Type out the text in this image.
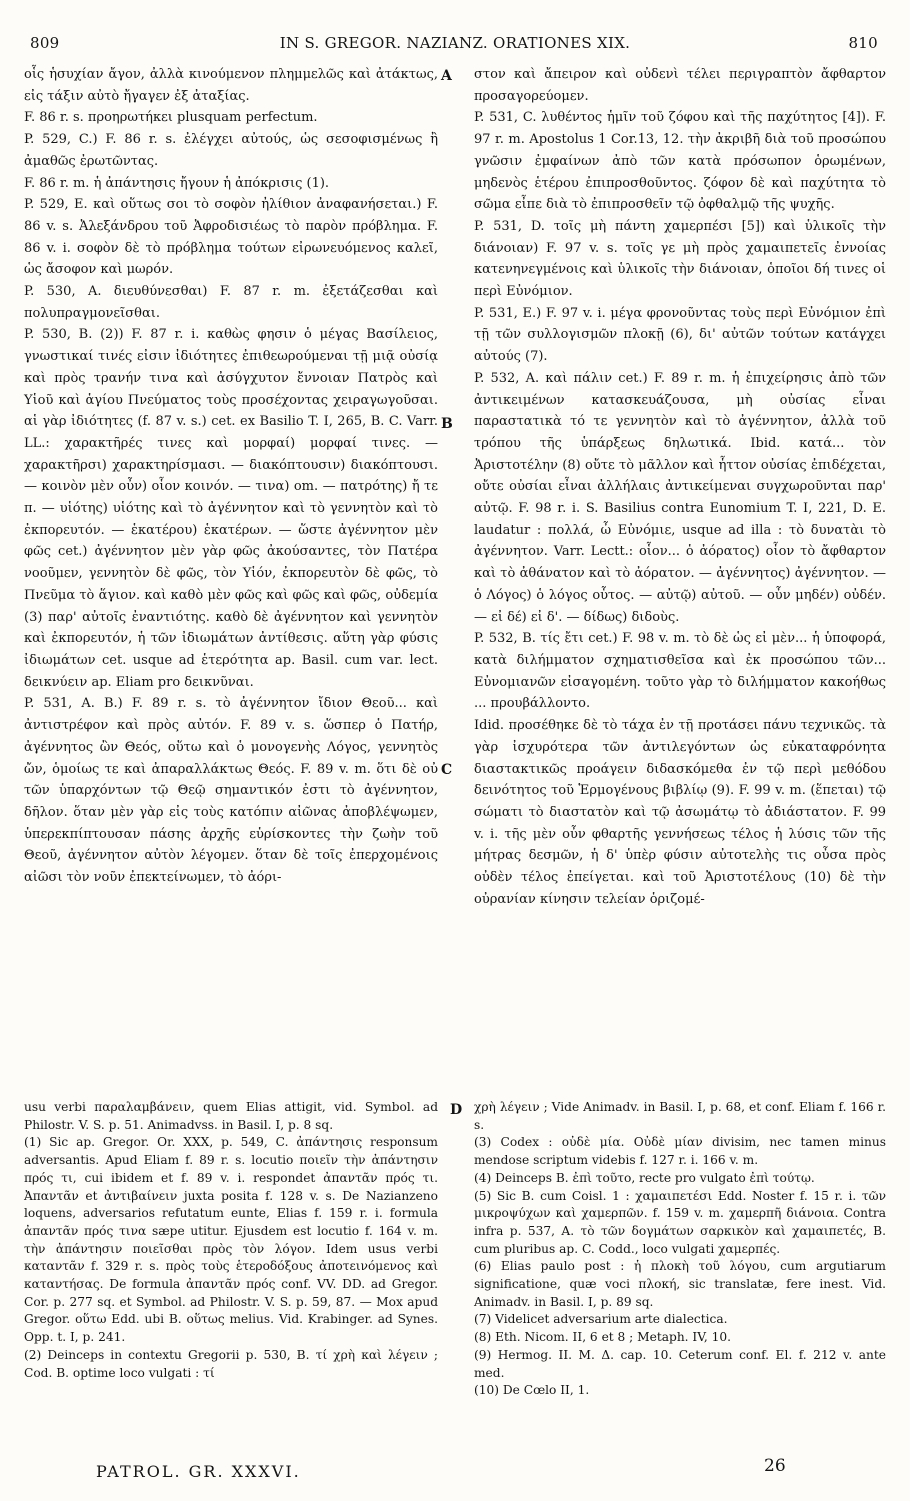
809	IN S. GREGOR. NAZIANZ. ORATIONES XIX.	810

οἷς ἡσυχίαν ἄγον, ἀλλὰ κινούμενον πλημμελῶς καὶ ἀτάκτως, εἰς τάξιν αὐτὸ ἤγαγεν ἐξ ἀταξίας.

F. 86 r. s. προηρωτήκει plusquam perfectum.

P. 529, C.) F. 86 r. s. ἐλέγχει αὐτούς, ὡς σεσοφισμένως ἢ ἀμαθῶς ἐρωτῶντας.

F. 86 r. m. ἡ ἀπάντησις ἤγουν ἡ ἀπόκρισις (1).

P. 529, E. καὶ οὕτως σοι τὸ σοφὸν ἠλίθιον ἀναφανήσεται.) F. 86 v. s. Ἀλεξάνδρου τοῦ Ἀφροδισιέως τὸ παρὸν πρόβλημα. F. 86 v. i. σοφὸν δὲ τὸ πρόβλημα τούτων εἰρωνευόμενος καλεῖ, ὡς ἄσοφον καὶ μωρόν.

P. 530, A. διευθύνεσθαι) F. 87 r. m. ἐξετάζεσθαι καὶ πολυπραγμονεῖσθαι.

P. 530, B. (2)) F. 87 r. i. καθὼς φησιν ὁ μέγας Βασίλειος, γνωστικαί τινές εἰσιν ἰδιότητες ἐπιθεωρούμεναι τῇ μιᾷ οὐσίᾳ καὶ πρὸς τρανήν τινα καὶ ἀσύγχυτον ἔννοιαν Πατρὸς καὶ Υἱοῦ καὶ ἁγίου Πνεύματος τοὺς προσέχοντας χειραγωγοῦσαι. αἱ γὰρ ἰδιότητες (f. 87 v. s.) cet. ex Basilio T. I, 265, B. C. Varr. LL.: χαρακτῆρές τινες καὶ μορφαί) μορφαί τινες. — χαρακτῆρσι) χαρακτηρίσμασι. — διακόπτουσιν) διακόπτουσι. — κοινὸν μὲν οὖν) οἷον κοινόν. — τινα) om. — πατρότης) ἤ τε π. — υἱότης) υἱότης καὶ τὸ ἀγέννητον καὶ τὸ γεννητὸν καὶ τὸ ἐκπορευτόν. — ἑκατέρου) ἑκατέρων. — ὥστε ἀγέννητον μὲν φῶς cet.) ἀγέννητον μὲν γὰρ φῶς ἀκούσαντες, τὸν Πατέρα νοοῦμεν, γεννητὸν δὲ φῶς, τὸν Υἱόν, ἐκπορευτὸν δὲ φῶς, τὸ Πνεῦμα τὸ ἅγιον. καὶ καθὸ μὲν φῶς καὶ φῶς καὶ φῶς, οὐδεμία (3) παρ' αὐτοῖς ἐναντιότης. καθὸ δὲ ἀγέννητον καὶ γεννητὸν καὶ ἐκπορευτόν, ἡ τῶν ἰδιωμάτων ἀντίθεσις. αὕτη γὰρ φύσις ἰδιωμάτων cet. usque ad ἑτερότητα ap. Basil. cum var. lect. δεικνύειν ap. Eliam pro δεικνῦναι.

P. 531, A. B.) F. 89 r. s. τὸ ἀγέννητον ἴδιον Θεοῦ... καὶ ἀντιστρέφον καὶ πρὸς αὐτόν. F. 89 v. s. ὥσπερ ὁ Πατήρ, ἀγέννητος ὢν Θεός, οὕτω καὶ ὁ μονογενὴς Λόγος, γεννητὸς ὤν, ὁμοίως τε καὶ ἀπαραλλάκτως Θεός. F. 89 v. m. ὅτι δὲ οὐ τῶν ὑπαρχόντων τῷ Θεῷ σημαντικόν ἐστι τὸ ἀγέννητον, δῆλον. ὅταν μὲν γὰρ εἰς τοὺς κατόπιν αἰῶνας ἀποβλέψωμεν, ὑπερεκπίπτουσαν πάσης ἀρχῆς εὑρίσκοντες τὴν ζωὴν τοῦ Θεοῦ, ἀγέννητον αὐτὸν λέγομεν. ὅταν δὲ τοῖς ἐπερχομένοις αἰῶσι τὸν νοῦν ἐπεκτείνωμεν, τὸ ἀόρι-

στον καὶ ἄπειρον καὶ οὐδενὶ τέλει περιγραπτὸν ἄφθαρτον προσαγορεύομεν.

P. 531, C. λυθέντος ἡμῖν τοῦ ζόφου καὶ τῆς παχύτητος [4]). F. 97 r. m. Apostolus 1 Cor.13, 12. τὴν ἀκριβῆ διὰ τοῦ προσώπου γνῶσιν ἐμφαίνων ἀπὸ τῶν κατὰ πρόσωπον ὁρωμένων, μηδενὸς ἑτέρου ἐπιπροσθοῦντος. ζόφον δὲ καὶ παχύτητα τὸ σῶμα εἶπε διὰ τὸ ἐπιπροσθεῖν τῷ ὀφθαλμῷ τῆς ψυχῆς.

P. 531, D. τοῖς μὴ πάντη χαμερπέσι [5]) καὶ ὑλικοῖς τὴν διάνοιαν) F. 97 v. s. τοῖς γε μὴ πρὸς χαμαιπετεῖς ἐννοίας κατενηνεγμένοις καὶ ὑλικοῖς τὴν διάνοιαν, ὁποῖοι δή τινες οἱ περὶ Εὐνόμιον.

P. 531, E.) F. 97 v. i. μέγα φρονοῦντας τοὺς περὶ Εὐνόμιον ἐπὶ τῇ τῶν συλλογισμῶν πλοκῇ (6), δι' αὐτῶν τούτων κατάγχει αὐτούς (7).

P. 532, A. καὶ πάλιν cet.) F. 89 r. m. ἡ ἐπιχείρησις ἀπὸ τῶν ἀντικειμένων κατασκευάζουσα, μὴ οὐσίας εἶναι παραστατικὰ τό τε γεννητὸν καὶ τὸ ἀγέννητον, ἀλλὰ τοῦ τρόπου τῆς ὑπάρξεως δηλωτικά. Ibid. κατά... τὸν Ἀριστοτέλην (8) οὔτε τὸ μᾶλλον καὶ ἧττον οὐσίας ἐπιδέχεται, οὔτε οὐσίαι εἶναι ἀλλήλαις ἀντικείμεναι συγχωροῦνται παρ' αὐτῷ. F. 98 r. i. S. Basilius contra Eunomium T. I, 221, D. E. laudatur : πολλά, ὦ Εὐνόμιε, usque ad illa : τὸ δυνατὰι τὸ ἀγέννητον. Varr. Lectt.: οἷον... ὁ ἀόρατος) οἷον τὸ ἄφθαρτον καὶ τὸ ἀθάνατον καὶ τὸ ἀόρατον. — ἀγέννητος) ἀγέννητον. — ὁ Λόγος) ὁ λόγος οὗτος. — αὐτῷ) αὐτοῦ. — οὖν μηδέν) οὐδέν. — εἰ δέ) εἰ δ'. — δίδως) διδοὺς.

P. 532, B. τίς ἔτι cet.) F. 98 v. m. τὸ δὲ ὡς εἰ μὲν... ἡ ὑποφορά, κατὰ διλήμματον σχηματισθεῖσα καὶ ἐκ προσώπου τῶν... Εὐνομιανῶν εἰσαγομένη. τοῦτο γὰρ τὸ διλήμματον κακοήθως ... προυβάλλοντο.

Idid. προσέθηκε δὲ τὸ τάχα ἐν τῇ προτάσει πάνυ τεχνικῶς. τὰ γὰρ ἰσχυρότερα τῶν ἀντιλεγόντων ὡς εὐκαταφρόνητα διαστακτικῶς προάγειν διδασκόμεθα ἐν τῷ περὶ μεθόδου δεινότητος τοῦ Ἑρμογένους βιβλίῳ (9). F. 99 v. m. (ἕπεται) τῷ σώματι τὸ διαστατὸν καὶ τῷ ἀσωμάτῳ τὸ ἀδιάστατον. F. 99 v. i. τῆς μὲν οὖν φθαρτῆς γεννήσεως τέλος ἡ λύσις τῶν τῆς μήτρας δεσμῶν, ἡ δ' ὑπὲρ φύσιν αὐτοτελὴς τις οὖσα πρὸς οὐδὲν τέλος ἐπείγεται. καὶ τοῦ Ἀριστοτέλους (10) δὲ τὴν οὐρανίαν κίνησιν τελείαν ὁριζομέ-

A
B
C
D

usu verbi παραλαμβάνειν, quem Elias attigit, vid. Symbol. ad Philostr. V. S. p. 51. Animadvss. in Basil. I, p. 8 sq.

(1) Sic ap. Gregor. Or. XXX, p. 549, C. ἀπάντησις responsum adversantis. Apud Eliam f. 89 r. s. locutio ποιεῖν τὴν ἀπάντησιν πρός τι, cui ibidem et f. 89 v. i. respondet ἀπαντᾶν πρός τι. Ἀπαντᾶν et ἀντιβαίνειν juxta posita f. 128 v. s. De Nazianzeno loquens, adversarios refutatum eunte, Elias f. 159 r. i. formula ἀπαντᾶν πρός τινα sæpe utitur. Ejusdem est locutio f. 164 v. m. τὴν ἀπάντησιν ποιεῖσθαι πρὸς τὸν λόγον. Idem usus verbi καταντᾶν f. 329 r. s. πρὸς τοὺς ἑτεροδόξους ἀποτεινόμενος καὶ καταντήσας. De formula ἀπαντᾶν πρός conf. VV. DD. ad Gregor. Cor. p. 277 sq. et Symbol. ad Philostr. V. S. p. 59, 87. — Mox apud Gregor. οὕτω Edd. ubi B. οὕτως melius. Vid. Krabinger. ad Synes. Opp. t. I, p. 241.

(2) Deinceps in contextu Gregorii p. 530, B. τί χρὴ καὶ λέγειν ; Cod. B. optime loco vulgati : τί

χρὴ λέγειν ; Vide Animadv. in Basil. I, p. 68, et conf. Eliam f. 166 r. s.

(3) Codex : οὐδὲ μία. Οὐδὲ μίαν divisim, nec tamen minus mendose scriptum videbis f. 127 r. i. 166 v. m.

(4) Deinceps B. ἐπὶ τοῦτο, recte pro vulgato ἐπὶ τούτῳ.

(5) Sic B. cum Coisl. 1 : χαμαιπετέσι Edd. Noster f. 15 r. i. τῶν μικροψύχων καὶ χαμερπῶν. f. 159 v. m. χαμερπῆ διάνοια. Contra infra p. 537, A. τὸ τῶν δογμάτων σαρκικὸν καὶ χαμαιπετές, B. cum pluribus ap. C. Codd., loco vulgati χαμερπές.

(6) Elias paulo post : ἡ πλοκὴ τοῦ λόγου, cum argutiarum significatione, quæ voci πλοκή, sic translatæ, fere inest. Vid. Animadv. in Basil. I, p. 89 sq.

(7) Videlicet adversarium arte dialectica.

(8) Eth. Nicom. II, 6 et 8 ; Metaph. IV, 10.

(9) Hermog. II. M. Δ. cap. 10. Ceterum conf. El. f. 212 v. ante med.

(10) De Cœlo II, 1.

PATROL. GR. XXXVI.	26
